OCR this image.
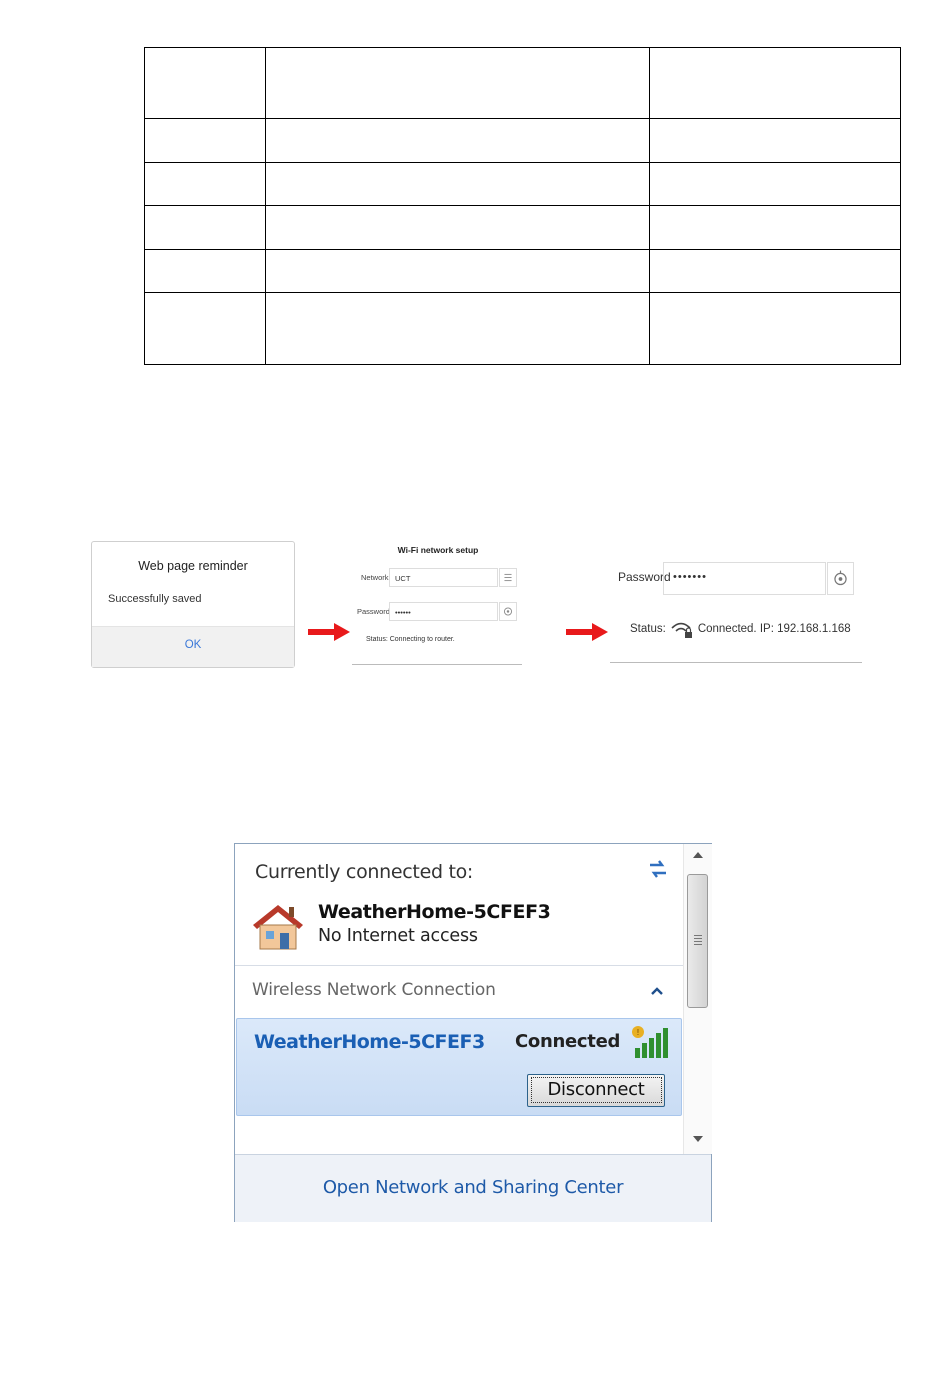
Web page reminder
Successfully saved
OK
Wi-Fi network setup
Network UCT
Password ••••••
Status: Connecting to router.
Password •••••••
Status:	Connected. IP: 192.168.1.168
Currently connected to:
WeatherHome-5CFEF3
No Internet access
Wireless Network Connection
WeatherHome-5CFEF3 Connected !
Disconnect
Open Network and Sharing Center
